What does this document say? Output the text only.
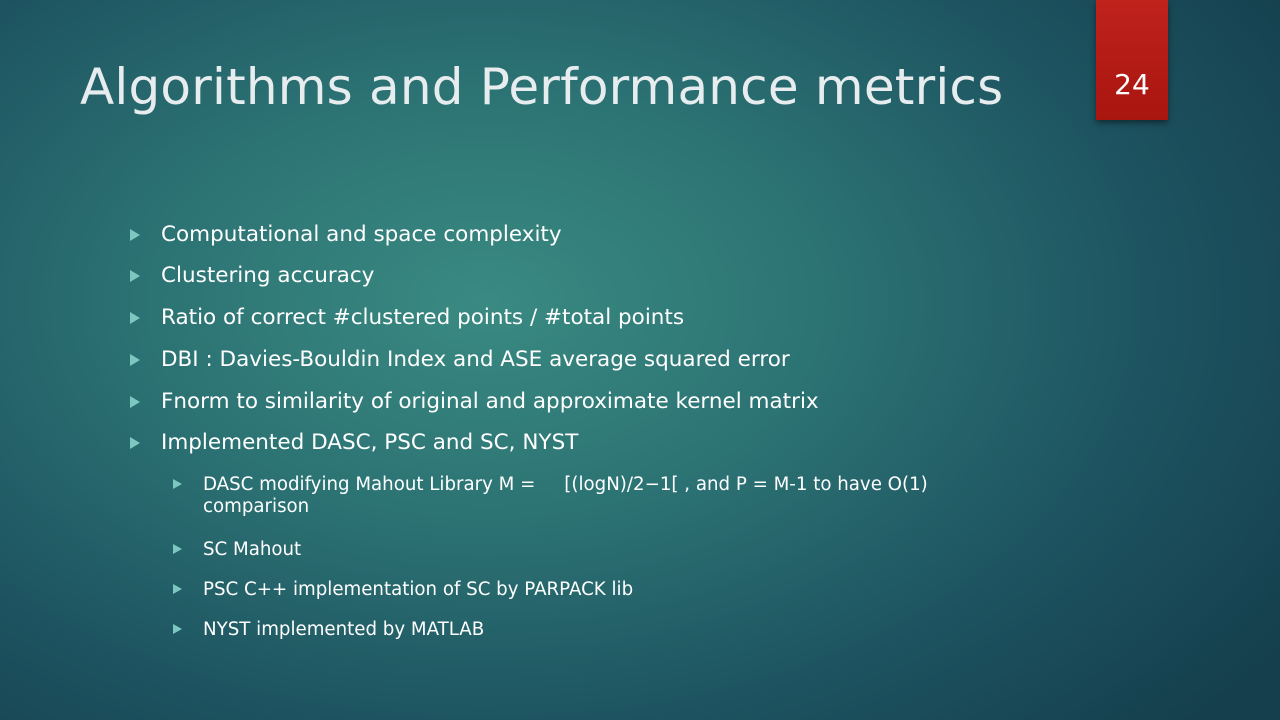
24
Algorithms and Performance metrics
Computational and space complexity
Clustering accuracy
Ratio of correct #clustered points / #total points
DBI : Davies-Bouldin Index and ASE average squared error
Fnorm to similarity of original and approximate kernel matrix
Implemented DASC, PSC and SC, NYST
DASC modifying Mahout Library M =     [(logN)/2−1[ , and P = M-1 to have O(1) comparison
SC Mahout
PSC C++ implementation of SC by PARPACK lib
NYST implemented by MATLAB
